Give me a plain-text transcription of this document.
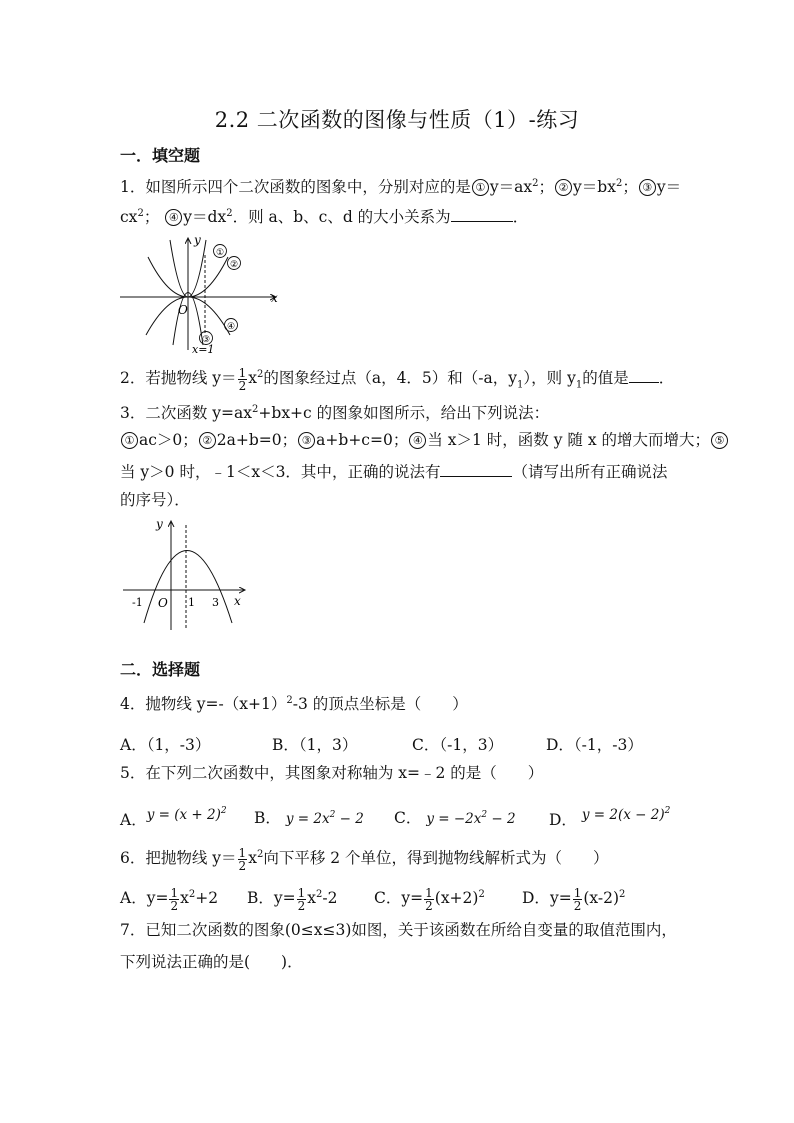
2.2 二次函数的图像与性质（1）-练习
一．填空题
1．如图所示四个二次函数的图象中，分别对应的是 ① $y=ax^2$； ② $y=bx^2$； ③ y＝
$cx^2$； ④ $y=dx^2$．则 a、b、c、d 的大小关系为	．
y
x
O
x=1
①
②
④
③
2．若抛物线 $y= \frac{1}{2} x^2$的图象经过点（a，4．5）和（-a，$y_1$），则 $y_1$的值是 ．
3．二次函数 $y=ax^2+bx+c$ 的图象如图所示，给出下列说法：
① ac＞0； ② 2a+b=0； ③ a+b+c=0； ④ 当 x＞1 时，函数 y 随 x 的增大而增大； ⑤
当 y＞0 时，﹣1＜x＜3．其中，正确的说法有	（请写出所有正确说法
的序号）．
y
x
O
-1	1 3
二．选择题
4．抛物线 $y=-(x+1)^2-3$ 的顶点坐标是（　　）
A．（1，-3）	B．（1，3）	C．（-1，3）	D．（-1，-3）
5．在下列二次函数中，其图象对称轴为 x=﹣2 的是（　　）
A．$y = (x + 2)^2$ B． $y = 2x^2 - 2$ C． $y = -2x^2 - 2$ D． $y = 2(x - 2)^2$
6．把抛物线 $y= \frac{1}{2} x^2$向下平移 2 个单位，得到抛物线解析式为（　　）
A．$y= \frac{1}{2} x^2+2$ B．$y= \frac{1}{2} x^2-2$ C．$y= \frac{1}{2} (x+2)^2$ D．$y= \frac{1}{2} (x-2)^2$
7．已知二次函数的图象(0≤x≤3)如图，关于该函数在所给自变量的取值范围内，
下列说法正确的是(　　)．
